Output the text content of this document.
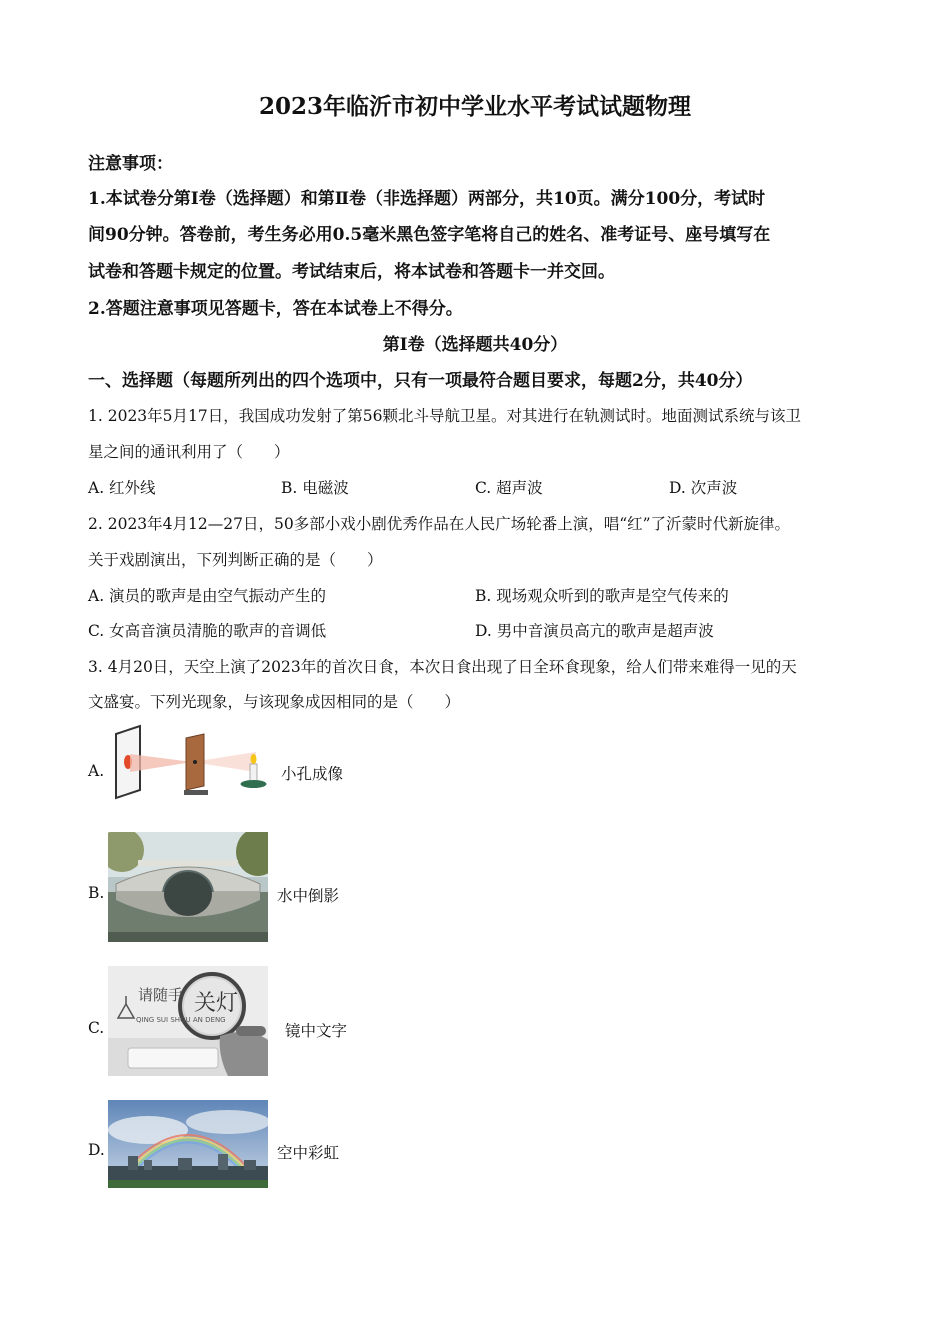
2023年临沂市初中学业水平考试试题物理
注意事项：
1.本试卷分第Ⅰ卷（选择题）和第Ⅱ卷（非选择题）两部分，共10页。满分100分，考试时
间90分钟。答卷前，考生务必用0.5毫米黑色签字笔将自己的姓名、准考证号、座号填写在
试卷和答题卡规定的位置。考试结束后，将本试卷和答题卡一并交回。
2.答题注意事项见答题卡，答在本试卷上不得分。
第Ⅰ卷（选择题共40分）
一、选择题（每题所列出的四个选项中，只有一项最符合题目要求，每题2分，共40分）
1. 2023年5月17日，我国成功发射了第56颗北斗导航卫星。对其进行在轨测试时。地面测试系统与该卫
星之间的通讯利用了（　　）
A. 红外线	B. 电磁波	C. 超声波	D. 次声波
2. 2023年4月12—27日，50多部小戏小剧优秀作品在人民广场轮番上演，唱“红”了沂蒙时代新旋律。
关于戏剧演出，下列判断正确的是（　　）
A. 演员的歌声是由空气振动产生的	B. 现场观众听到的歌声是空气传来的
C. 女高音演员清脆的歌声的音调低	D. 男中音演员高亢的歌声是超声波
3. 4月20日，天空上演了2023年的首次日食，本次日食出现了日全环食现象，给人们带来难得一见的天
文盛宴。下列光现象，与该现象成因相同的是（　　）
A.	小孔成像
B.	水中倒影
C.
请随手 关灯
QING SUI SHOU AN DENG
镜中文字
D.	空中彩虹
